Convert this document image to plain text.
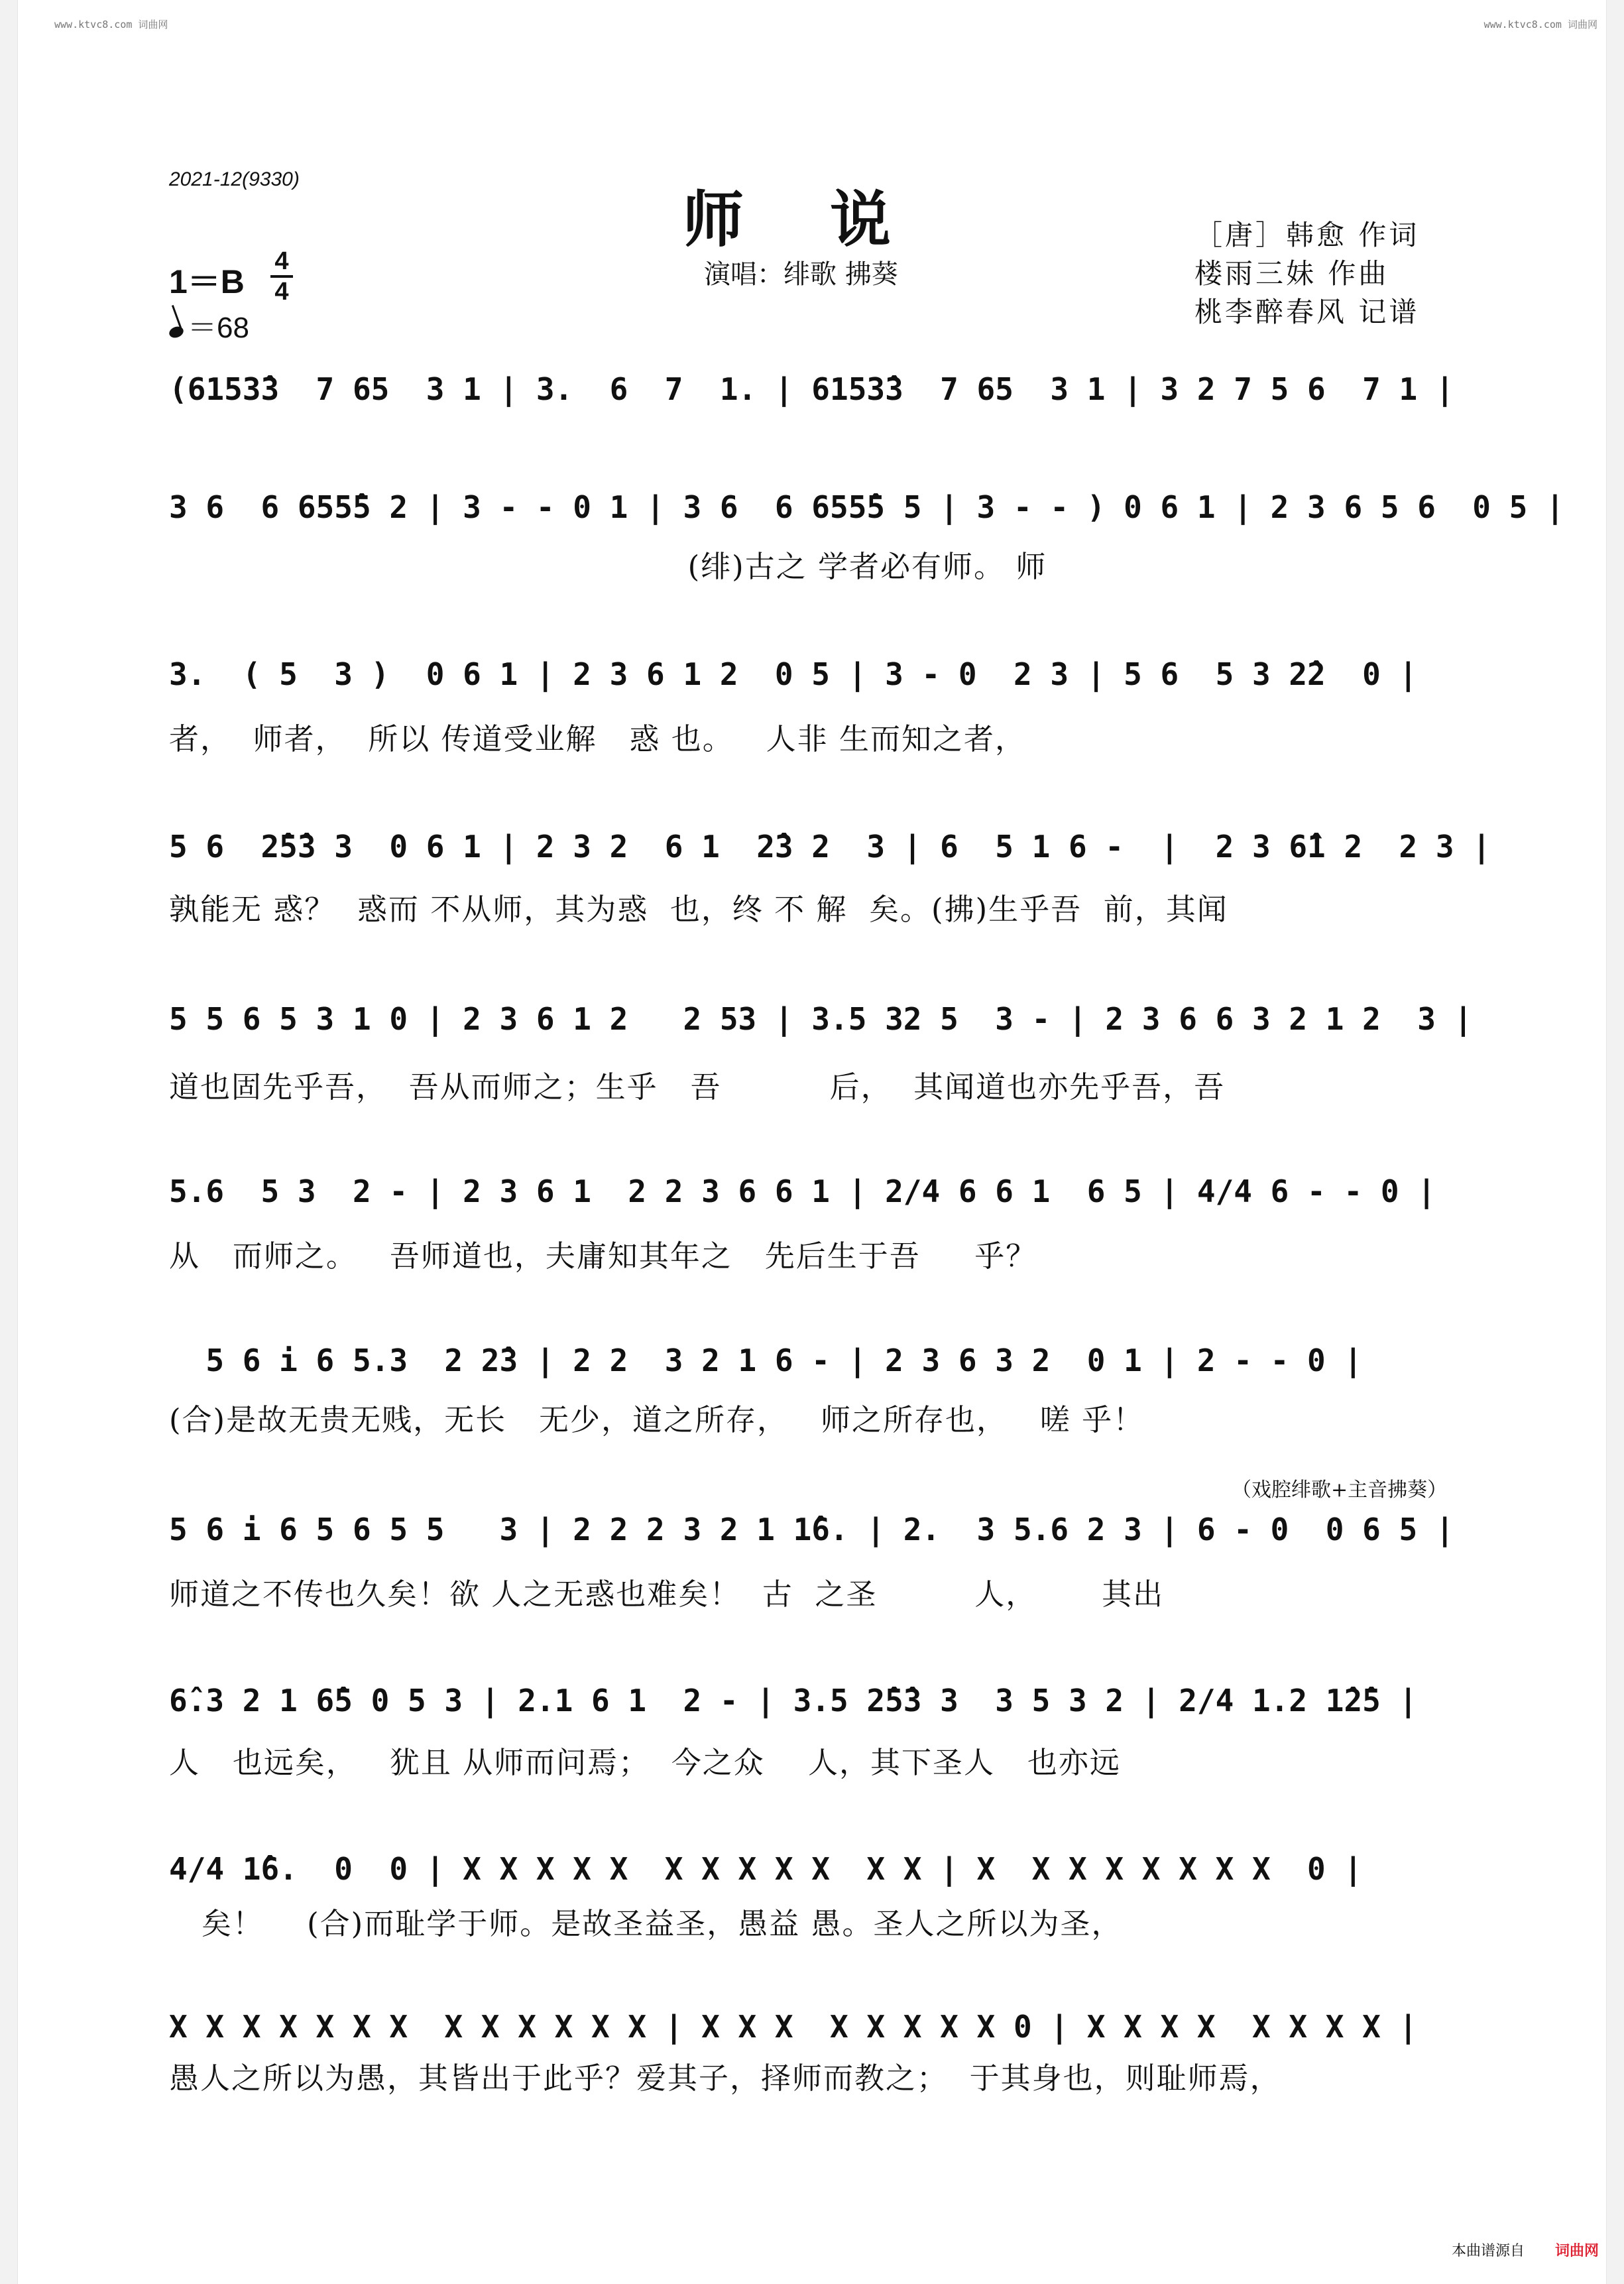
www.ktvc8.com 词曲网	www.ktvc8.com 词曲网
2021-12(9330)
师说
演唱：绯歌 拂葵
［唐］韩愈 作词
楼雨三妹 作曲
桃李醉春风 记谱
1＝B
4
4
＝68
(6153̂3  7 65  3 1 | 3.  6  7  1. | 6153̂3  7 65  3 1 | 3 2 7 5 6  7 1 |
3 6  6 655̂5 2 | 3 - - 0 1 | 3 6  6 655̂5 5 | 3 - - ) 0 6 1 | 2 3 6 5 6  0 5 |
(绯)古之 学者必有师。 师
3.  ( 5  3 )  0 6 1 | 2 3 6 1 2  0 5 | 3 - 0  2 3 | 5 6  5 3 2̂2  0 |
者，  师者，  所以 传道受业解   惑 也。   人非 生而知之者，
5 6  2̂5̂3 3  0 6 1 | 2 3 2  6 1  2̂3 2  3 | 6  5 1 6 -  |  2 3 6̂1 2  2 3 |
孰能无 惑？  惑而 不从师，其为惑  也，终 不 解  矣。(拂)生乎吾  前，其闻
5 5 6 5 3 1 0 | 2 3 6 1 2   2 53 | 3.5 32 5  3 - | 2 3 6 6 3 2 1 2  3 |
道也固先乎吾，  吾从而师之；生乎   吾          后，  其闻道也亦先乎吾，吾
5.6  5 3  2 - | 2 3 6 1  2 2 3 6 6 1 | 2/4 6 6 1  6 5 | 4/4 6 - - 0 |
从   而师之。   吾师道也，夫庸知其年之   先后生于吾     乎？
5 6 i 6 5.3  2 2̂3 | 2 2  3 2 1 6 - | 2 3 6 3 2  0 1 | 2 - - 0 |
(合)是故无贵无贱，无长   无少，道之所存，   师之所存也，   嗟 乎！
（戏腔绯歌+主音拂葵）
5 6 i 6 5 6 5 5   3 | 2 2 2 3 2 1 1̂6. | 2.  3 5.6 2 3 | 6 - 0  0 6 5 |
师道之不传也久矣！欲 人之无惑也难矣！  古  之圣         人，      其出
6̂.3 2 1 6̂5 0 5 3 | 2.1 6 1  2 - | 3.5 2̂5̂3 3  3 5 3 2 | 2/4 1.2 1̂2̂5 |
人   也远矣，   犹且 从师而问焉；  今之众    人，其下圣人   也亦远
4/4 1̂6.  0  0 | X X X X X  X X X X X  X X | X  X X X X X X X  0 |
矣！    (合)而耻学于师。是故圣益圣，愚益 愚。圣人之所以为圣，
X X X X X X X  X X X X X X | X X X  X X X X X 0 | X X X X  X X X X |
愚人之所以为愚，其皆出于此乎？爱其子，择师而教之；  于其身也，则耻师焉，
本曲谱源自 词曲网
